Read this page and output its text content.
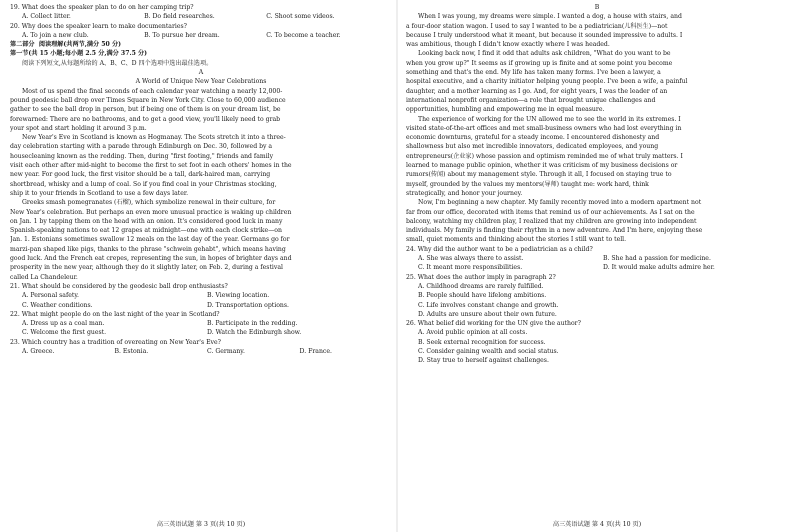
19. What does the speaker plan to do on her camping trip?
A. Collect litter.	B. Do field researches.	C. Shoot some videos.
20. Why does the speaker learn to make documentaries?
A. To join a new club.	B. To pursue her dream.	C. To become a teacher.
第二部分  阅读理解(共两节,满分 50 分)
第一节(共 15 小题;每小题 2.5 分,满分 37.5 分)
阅读下列短文,从每题所给的 A、B、C、D 四个选项中选出最佳选项。
A
A World of Unique New Year Celebrations
Most of us spend the final seconds of each calendar year watching a nearly 12,000-
pound geodesic ball drop over Times Square in New York City. Close to 60,000 audience
gather to see the ball drop in person, but if being one of them is on your dream list, be
forewarned: There are no bathrooms, and to get a good view, you'll likely need to grab
your spot and start holding it around 3 p.m.
New Year's Eve in Scotland is known as Hogmanay. The Scots stretch it into a three-
day celebration starting with a parade through Edinburgh on Dec. 30, followed by a
housecleaning known as the redding. Then, during "first footing," friends and family
visit each other after mid-night to become the first to set foot in each others' homes in the
new year. For good luck, the first visitor should be a tall, dark-haired man, carrying
shortbread, whisky and a lump of coal. So if you find coal in your Christmas stocking,
ship it to your friends in Scotland to use a few days later.
Greeks smash pomegranates (石榴), which symbolize renewal in their culture, for
New Year's celebration. But perhaps an even more unusual practice is waking up children
on Jan. 1 by tapping them on the head with an onion. It's considered good luck in many
Spanish-speaking nations to eat 12 grapes at midnight—one with each clock strike—on
Jan. 1. Estonians sometimes swallow 12 meals on the last day of the year. Germans go for
marzi-pan shaped like pigs, thanks to the phrase "schwein gehabt", which means having
good luck. And the French eat crepes, representing the sun, in hopes of brighter days and
prosperity in the new year, although they do it slightly later, on Feb. 2, during a festival
called La Chandeleur.
21. What should be considered by the geodesic ball drop enthusiasts?
A. Personal safety.	B. Viewing location.
C. Weather conditions.	D. Transportation options.
22. What might people do on the last night of the year in Scotland?
A. Dress up as a coal man.	B. Participate in the redding.
C. Welcome the first guest.	D. Watch the Edinburgh show.
23. Which country has a tradition of overeating on New Year's Eve?
A. Greece.	B. Estonia.	C. Germany.	D. France.
高三英语试题 第 3 页(共 10 页)
B
When I was young, my dreams were simple. I wanted a dog, a house with stairs, and
a four-door station wagon. I used to say I wanted to be a pediatrician(儿科医生)—not
because I truly understood what it meant, but because it sounded impressive to adults. I
was ambitious, though I didn't know exactly where I was headed.
Looking back now, I find it odd that adults ask children, "What do you want to be
when you grow up?" It seems as if growing up is finite and at some point you become
something and that's the end. My life has taken many forms. I've been a lawyer, a
hospital executive, and a charity initiator helping young people. I've been a wife, a painful
daughter, and a mother learning as I go. And, for eight years, I was the leader of an
international nonprofit organization—a role that brought unique challenges and
opportunities, humbling and empowering me in equal measure.
The experience of working for the UN allowed me to see the world in its extremes. I
visited state-of-the-art offices and met small-business owners who had lost everything in
economic downturns, grateful for a steady income. I encountered dishonesty and
shallowness but also met incredible innovators, dedicated employees, and young
entrepreneurs(企业家) whose passion and optimism reminded me of what truly matters. I
learned to manage public opinion, whether it was criticism of my business decisions or
rumors(传闻) about my management style. Through it all, I focused on staying true to
myself, grounded by the values my mentors(导师) taught me: work hard, think
strategically, and honor your journey.
Now, I'm beginning a new chapter. My family recently moved into a modern apartment not
far from our office, decorated with items that remind us of our achievements. As I sat on the
balcony, watching my children play, I realized that my children are growing into independent
individuals. My family is finding their rhythm in a new adventure. And I'm here, enjoying these
small, quiet moments and thinking about the stories I still want to tell.
24. Why did the author want to be a pediatrician as a child?
A. She was always there to assist.	B. She had a passion for medicine.
C. It meant more responsibilities.	D. It would make adults admire her.
25. What does the author imply in paragraph 2?
A. Childhood dreams are rarely fulfilled.
B. People should have lifelong ambitions.
C. Life involves constant change and growth.
D. Adults are unsure about their own future.
26. What belief did working for the UN give the author?
A. Avoid public opinion at all costs.
B. Seek external recognition for success.
C. Consider gaining wealth and social status.
D. Stay true to herself against challenges.
高三英语试题 第 4 页(共 10 页)
